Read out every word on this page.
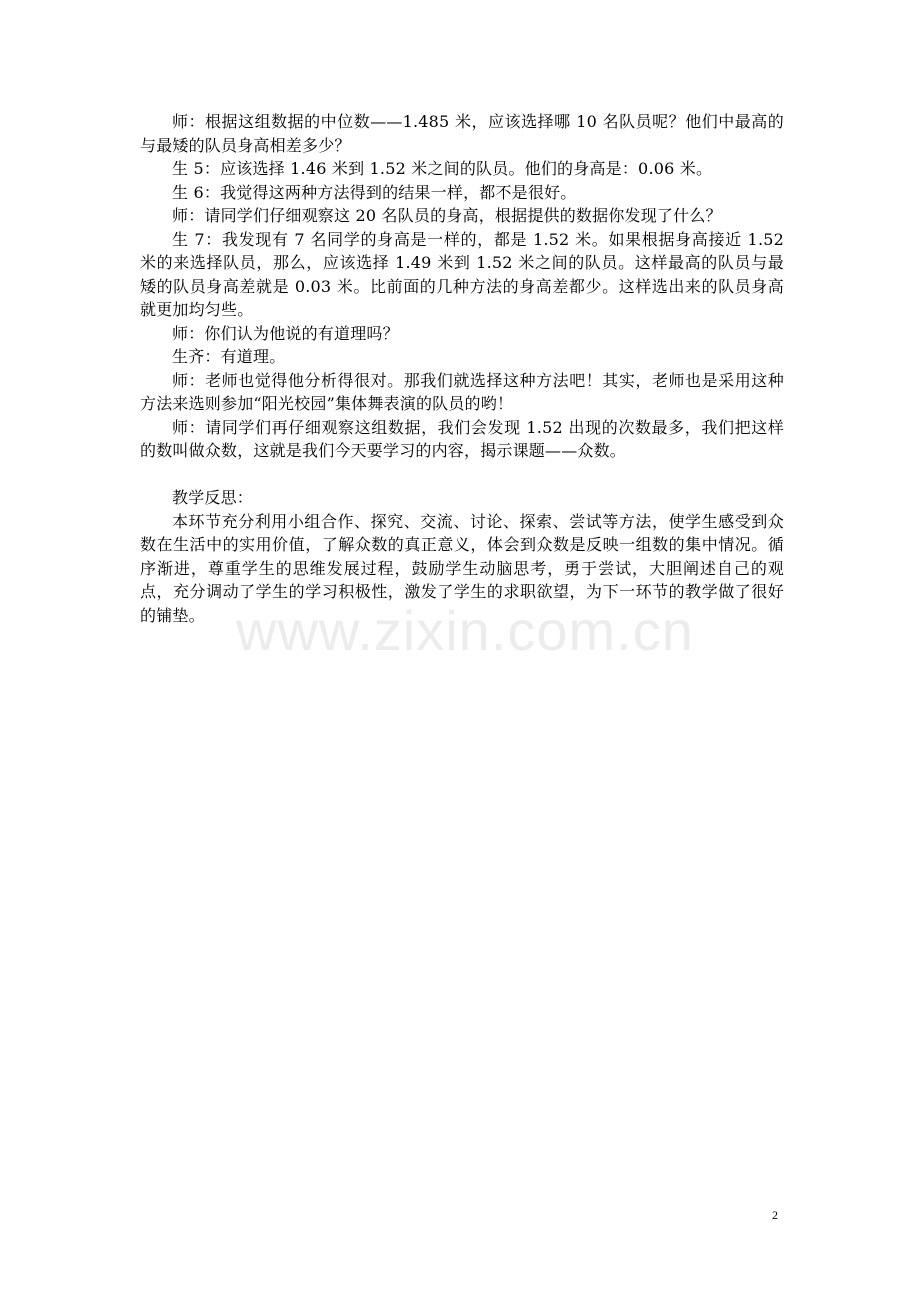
师：根据这组数据的中位数——1.485 米，应该选择哪 10 名队员呢？他们中最高的与最矮的队员身高相差多少？

生 5：应该选择 1.46 米到 1.52 米之间的队员。他们的身高是：0.06 米。

生 6：我觉得这两种方法得到的结果一样，都不是很好。

师：请同学们仔细观察这 20 名队员的身高，根据提供的数据你发现了什么？

生 7：我发现有 7 名同学的身高是一样的，都是 1.52 米。如果根据身高接近 1.52 米的来选择队员，那么，应该选择 1.49 米到 1.52 米之间的队员。这样最高的队员与最矮的队员身高差就是 0.03 米。比前面的几种方法的身高差都少。这样选出来的队员身高就更加均匀些。

师：你们认为他说的有道理吗？

生齐：有道理。

师：老师也觉得他分析得很对。那我们就选择这种方法吧！其实，老师也是采用这种方法来选则参加“阳光校园”集体舞表演的队员的哟！

师：请同学们再仔细观察这组数据，我们会发现 1.52 出现的次数最多，我们把这样的数叫做众数，这就是我们今天要学习的内容，揭示课题——众数。

教学反思：

本环节充分利用小组合作、探究、交流、讨论、探索、尝试等方法，使学生感受到众数在生活中的实用价值，了解众数的真正意义，体会到众数是反映一组数的集中情况。循序渐进，尊重学生的思维发展过程，鼓励学生动脑思考，勇于尝试，大胆阐述自己的观点，充分调动了学生的学习积极性，激发了学生的求职欲望，为下一环节的教学做了很好的铺垫。 www.zixin.com.cn
2
